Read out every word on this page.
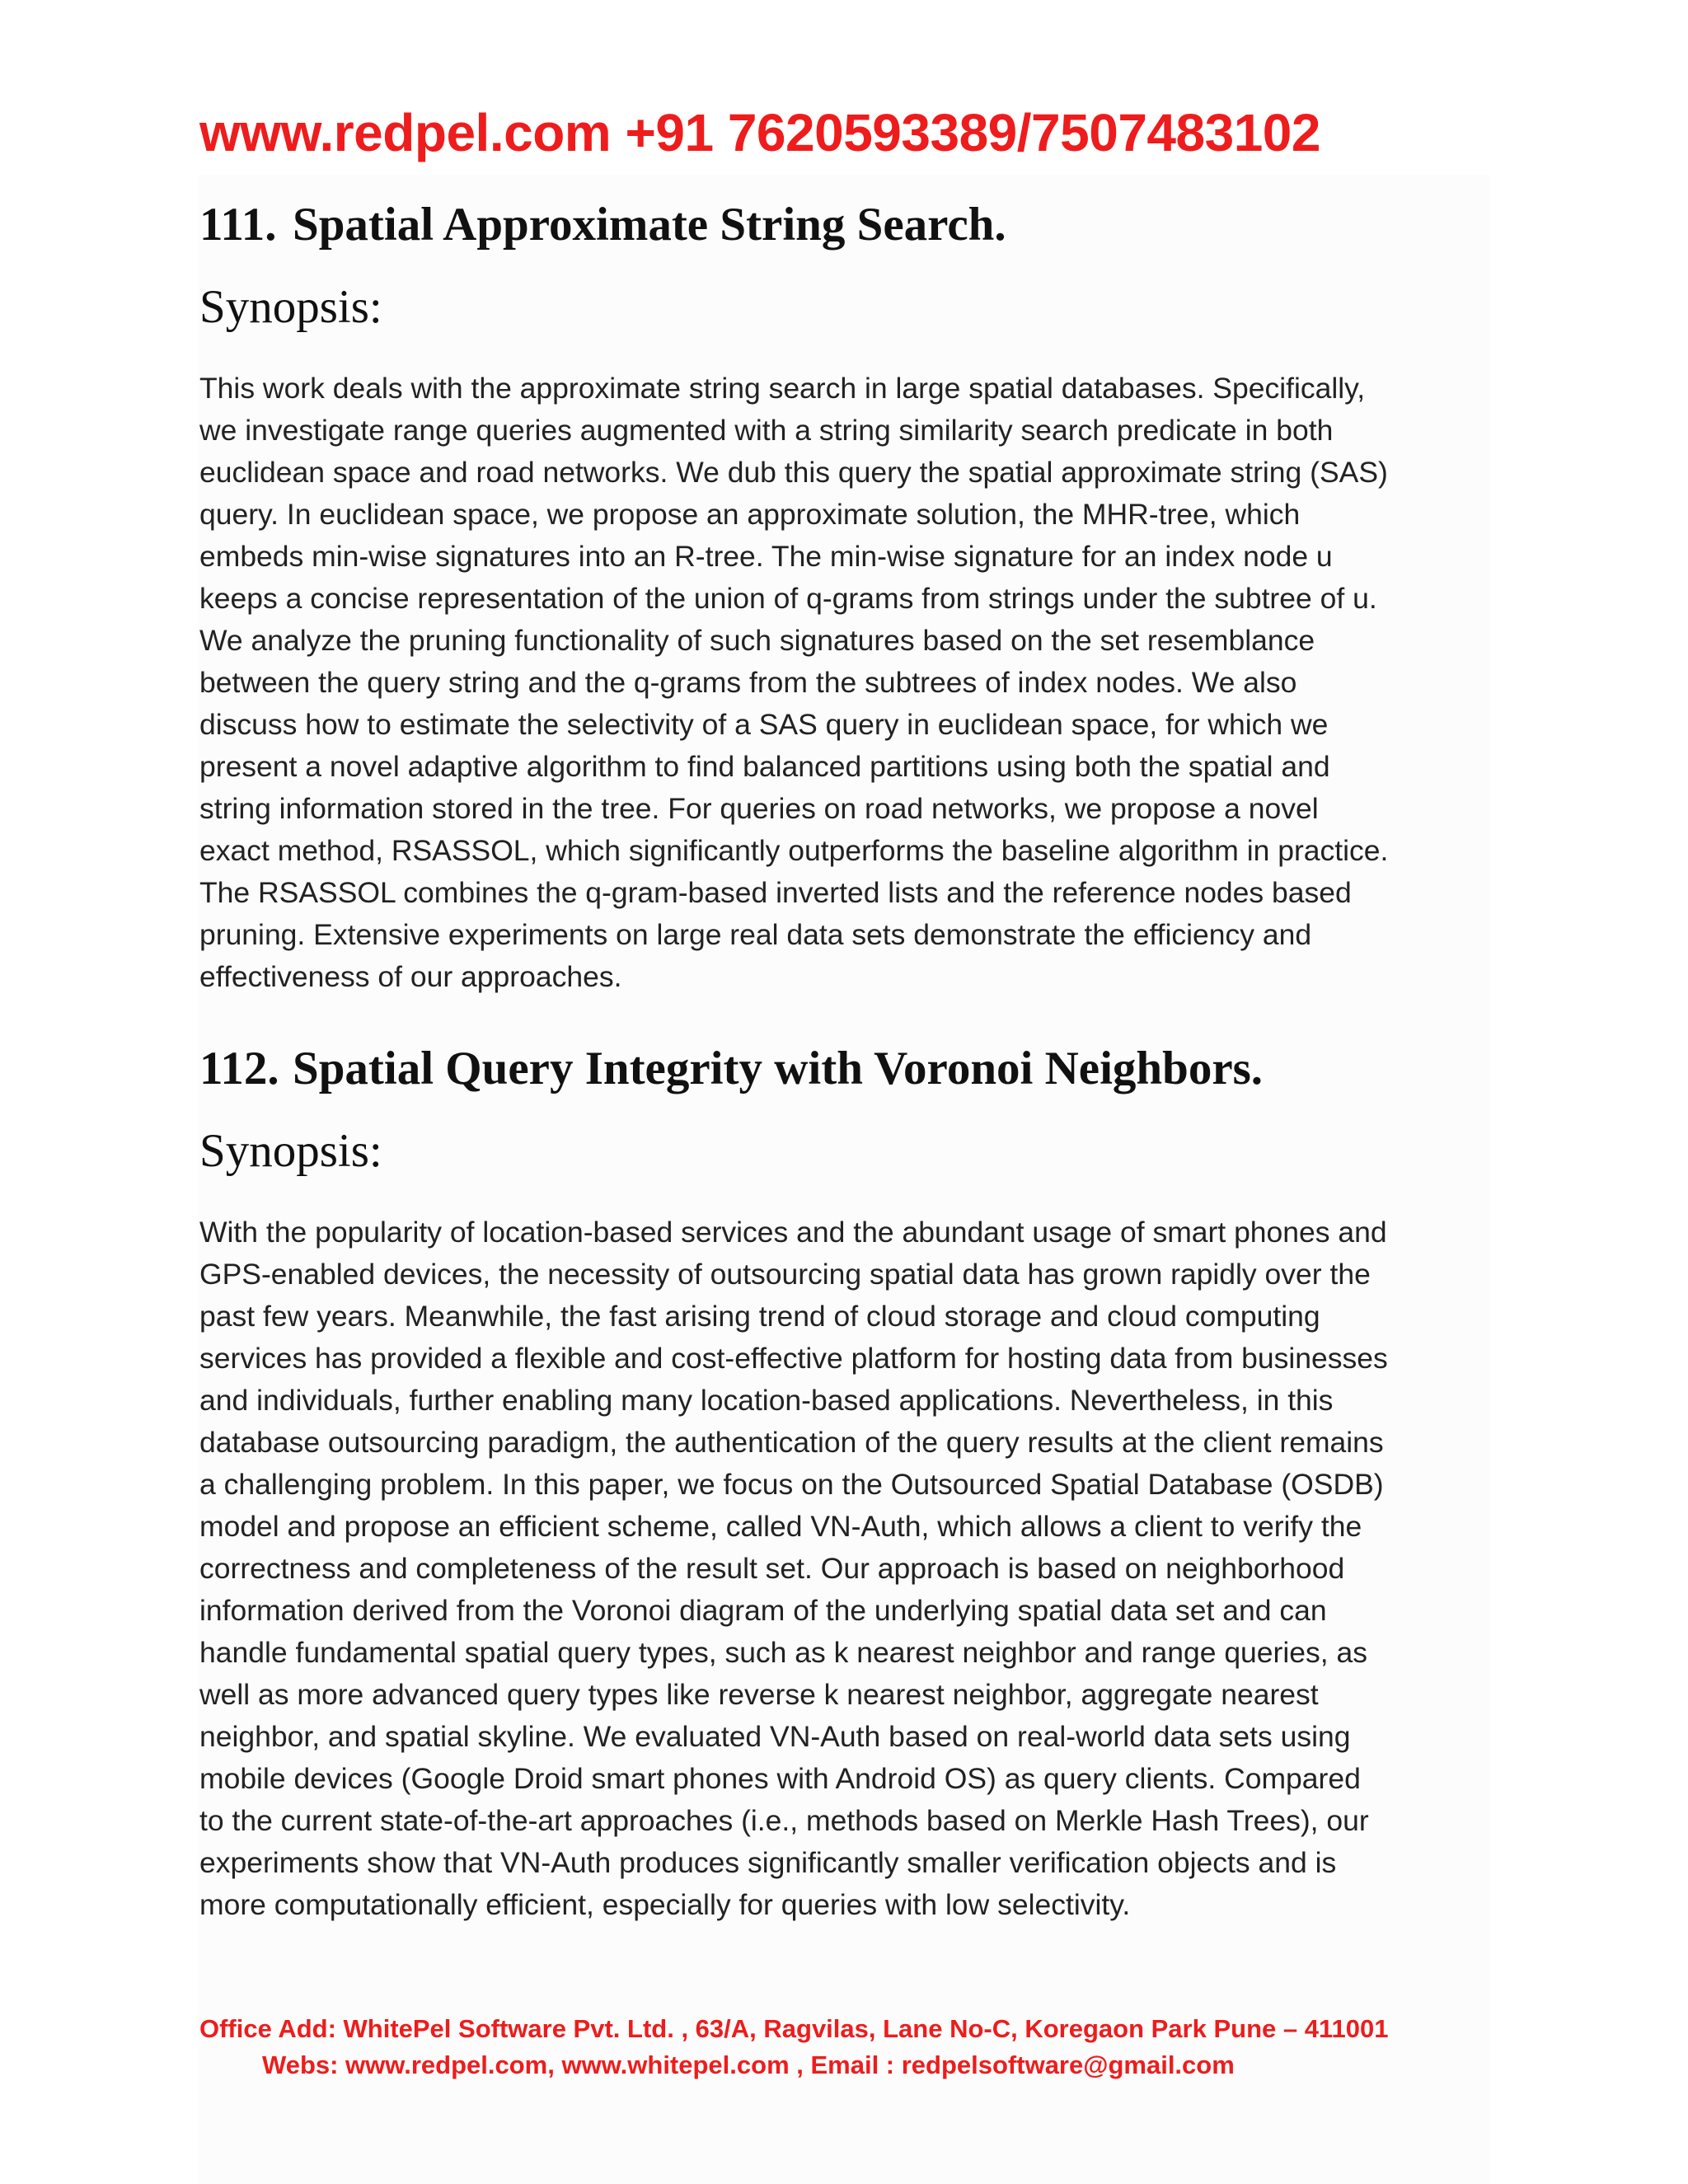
www.redpel.com +91 7620593389/7507483102
111. Spatial Approximate String Search.
Synopsis:
This work deals with the approximate string search in large spatial databases. Specifically,
we investigate range queries augmented with a string similarity search predicate in both
euclidean space and road networks. We dub this query the spatial approximate string (SAS)
query. In euclidean space, we propose an approximate solution, the MHR-tree, which
embeds min-wise signatures into an R-tree. The min-wise signature for an index node u
keeps a concise representation of the union of q-grams from strings under the subtree of u.
We analyze the pruning functionality of such signatures based on the set resemblance
between the query string and the q-grams from the subtrees of index nodes. We also
discuss how to estimate the selectivity of a SAS query in euclidean space, for which we
present a novel adaptive algorithm to find balanced partitions using both the spatial and
string information stored in the tree. For queries on road networks, we propose a novel
exact method, RSASSOL, which significantly outperforms the baseline algorithm in practice.
The RSASSOL combines the q-gram-based inverted lists and the reference nodes based
pruning. Extensive experiments on large real data sets demonstrate the efficiency and
effectiveness of our approaches.
112. Spatial Query Integrity with Voronoi Neighbors.
Synopsis:
With the popularity of location-based services and the abundant usage of smart phones and
GPS-enabled devices, the necessity of outsourcing spatial data has grown rapidly over the
past few years. Meanwhile, the fast arising trend of cloud storage and cloud computing
services has provided a flexible and cost-effective platform for hosting data from businesses
and individuals, further enabling many location-based applications. Nevertheless, in this
database outsourcing paradigm, the authentication of the query results at the client remains
a challenging problem. In this paper, we focus on the Outsourced Spatial Database (OSDB)
model and propose an efficient scheme, called VN-Auth, which allows a client to verify the
correctness and completeness of the result set. Our approach is based on neighborhood
information derived from the Voronoi diagram of the underlying spatial data set and can
handle fundamental spatial query types, such as k nearest neighbor and range queries, as
well as more advanced query types like reverse k nearest neighbor, aggregate nearest
neighbor, and spatial skyline. We evaluated VN-Auth based on real-world data sets using
mobile devices (Google Droid smart phones with Android OS) as query clients. Compared
to the current state-of-the-art approaches (i.e., methods based on Merkle Hash Trees), our
experiments show that VN-Auth produces significantly smaller verification objects and is
more computationally efficient, especially for queries with low selectivity.
Office Add: WhitePel Software Pvt. Ltd. , 63/A, Ragvilas, Lane No-C, Koregaon Park Pune – 411001
Webs: www.redpel.com, www.whitepel.com , Email : redpelsoftware@gmail.com
